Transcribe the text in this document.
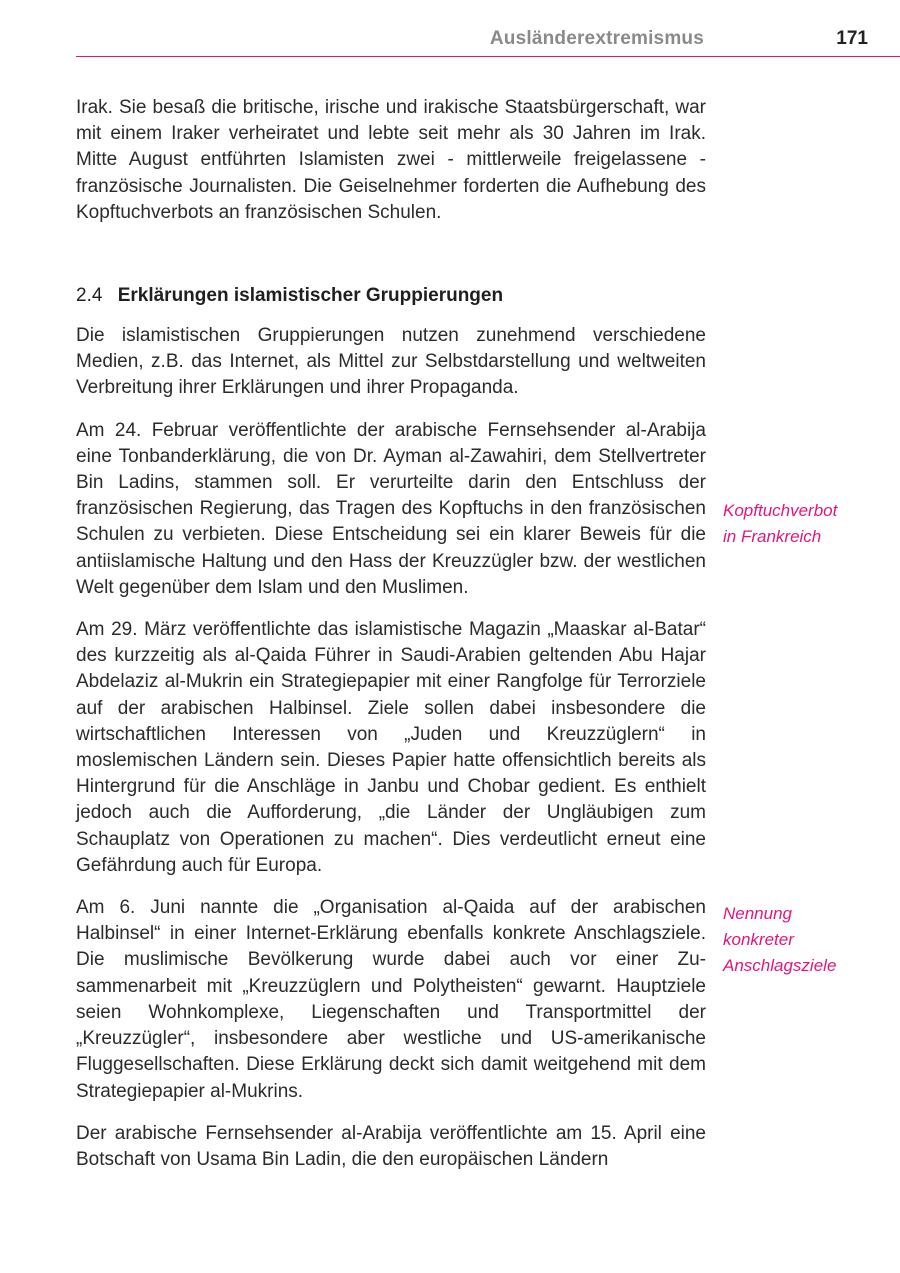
Ausländerextremismus	171

Irak. Sie besaß die britische, irische und irakische Staatsbürgerschaft, war mit einem Iraker verheiratet und lebte seit mehr als 30 Jahren im Irak. Mitte August entführten Islamisten zwei - mittlerweile freigelassene - französische Journalisten. Die Geiselnehmer forderten die Aufhebung des Kopftuchverbots an französischen Schulen.

2.4 Erklärungen islamistischer Gruppierungen

Die islamistischen Gruppierungen nutzen zunehmend verschiedene Medien, z.B. das Internet, als Mittel zur Selbstdarstellung und weltweiten Verbreitung ihrer Erklärungen und ihrer Propaganda.

Am 24. Februar veröffentlichte der arabische Fernsehsender al-Arabija eine Tonbanderklärung, die von Dr. Ayman al-Zawahiri, dem Stellvertreter Bin Ladins, stammen soll. Er verurteilte darin den Entschluss der französischen Regierung, das Tragen des Kopftuchs in den französischen Schulen zu verbieten. Diese Entscheidung sei ein klarer Beweis für die antiislamische Haltung und den Hass der Kreuzzügler bzw. der westlichen Welt gegenüber dem Islam und den Muslimen.

Am 29. März veröffentlichte das islamistische Magazin „Maaskar al-Batar“ des kurzzeitig als al-Qaida Führer in Saudi-Arabien geltenden Abu Hajar Abdelaziz al-Mukrin ein Strategiepapier mit einer Rangfolge für Terrorziele auf der arabischen Halbinsel. Ziele sollen dabei insbesondere die wirtschaftlichen Interessen von „Juden und Kreuzzüglern“ in moslemischen Ländern sein. Dieses Papier hatte offensichtlich bereits als Hintergrund für die Anschläge in Janbu und Chobar gedient. Es enthielt jedoch auch die Aufforderung, „die Länder der Ungläubigen zum Schauplatz von Operationen zu machen“. Dies verdeutlicht erneut eine Gefährdung auch für Europa.

Am 6. Juni nannte die „Organisation al-Qaida auf der arabischen Halbinsel“ in einer Internet-Erklärung ebenfalls konkrete Anschlagsziele. Die muslimische Bevölkerung wurde dabei auch vor einer Zusammenarbeit mit „Kreuzzüglern und Polytheisten“ gewarnt. Hauptziele seien Wohnkomplexe, Liegenschaften und Transportmittel der „Kreuzzügler“, insbesondere aber westliche und US-amerikanische Fluggesellschaften. Diese Erklärung deckt sich damit weitgehend mit dem Strategiepapier al-Mukrins.

Der arabische Fernsehsender al-Arabija veröffentlichte am 15. April eine Botschaft von Usama Bin Ladin, die den europäischen Ländern

Kopftuchverbot
in Frankreich
Nennung
konkreter
Anschlagsziele
